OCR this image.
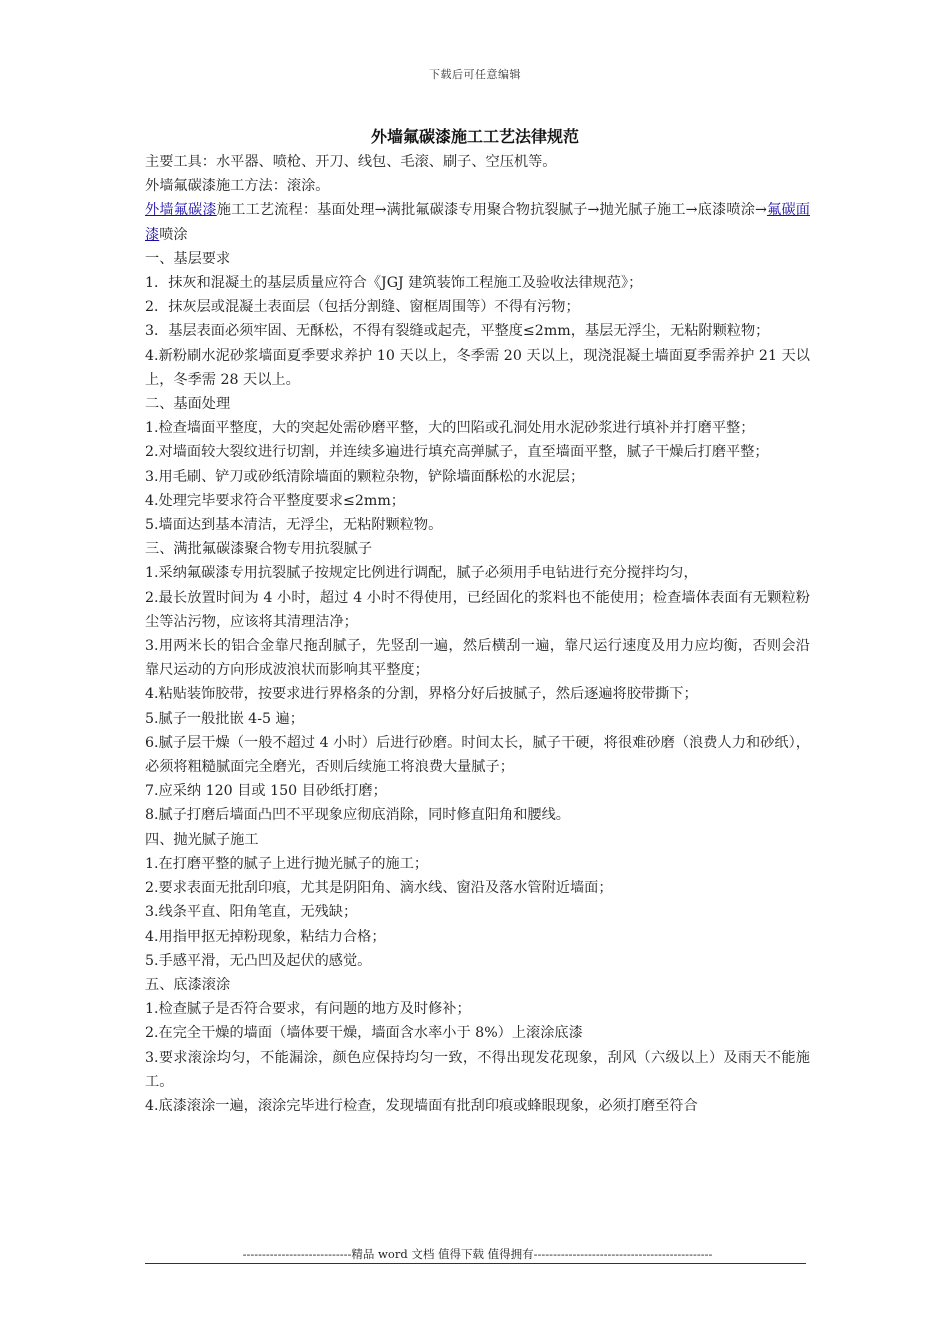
下载后可任意编辑
外墙氟碳漆施工工艺法律规范

主要工具：水平器、喷枪、开刀、线包、毛滚、刷子、空压机等。

外墙氟碳漆施工方法：滚涂。

外墙氟碳漆施工工艺流程：基面处理→满批氟碳漆专用聚合物抗裂腻子→抛光腻子施工→底漆喷涂→氟碳面漆喷涂

一、基层要求

1．抹灰和混凝土的基层质量应符合《JGJ 建筑装饰工程施工及验收法律规范》；

2．抹灰层或混凝土表面层（包括分割缝、窗框周围等）不得有污物；

3．基层表面必须牢固、无酥松，不得有裂缝或起壳，平整度≤2mm，基层无浮尘，无粘附颗粒物；

4.新粉刷水泥砂浆墙面夏季要求养护 10 天以上，冬季需 20 天以上，现浇混凝土墙面夏季需养护 21 天以上，冬季需 28 天以上。

二、基面处理

1.检查墙面平整度，大的突起处需砂磨平整，大的凹陷或孔洞处用水泥砂浆进行填补并打磨平整；

2.对墙面较大裂纹进行切割，并连续多遍进行填充高弹腻子，直至墙面平整，腻子干燥后打磨平整；

3.用毛刷、铲刀或砂纸清除墙面的颗粒杂物，铲除墙面酥松的水泥层；

4.处理完毕要求符合平整度要求≤2mm；

5.墙面达到基本清洁，无浮尘，无粘附颗粒物。

三、满批氟碳漆聚合物专用抗裂腻子

1.采纳氟碳漆专用抗裂腻子按规定比例进行调配，腻子必须用手电钻进行充分搅拌均匀，

2.最长放置时间为 4 小时，超过 4 小时不得使用，已经固化的浆料也不能使用；检查墙体表面有无颗粒粉尘等沾污物，应该将其清理洁净；

3.用两米长的铝合金靠尺拖刮腻子，先竖刮一遍，然后横刮一遍，靠尺运行速度及用力应均衡，否则会沿靠尺运动的方向形成波浪状而影响其平整度；

4.粘贴装饰胶带，按要求进行界格条的分割，界格分好后披腻子，然后逐遍将胶带撕下；

5.腻子一般批嵌 4-5 遍；

6.腻子层干燥（一般不超过 4 小时）后进行砂磨。时间太长，腻子干硬，将很难砂磨（浪费人力和砂纸），必须将粗糙腻面完全磨光，否则后续施工将浪费大量腻子；

7.应采纳 120 目或 150 目砂纸打磨；

8.腻子打磨后墙面凸凹不平现象应彻底消除，同时修直阳角和腰线。

四、抛光腻子施工

1.在打磨平整的腻子上进行抛光腻子的施工；

2.要求表面无批刮印痕，尤其是阴阳角、滴水线、窗沿及落水管附近墙面；

3.线条平直、阳角笔直，无残缺；

4.用指甲抠无掉粉现象，粘结力合格；

5.手感平滑，无凸凹及起伏的感觉。

五、底漆滚涂

1.检查腻子是否符合要求，有问题的地方及时修补；

2.在完全干燥的墙面（墙体要干燥，墙面含水率小于 8%）上滚涂底漆

3.要求滚涂均匀，不能漏涂，颜色应保持均匀一致，不得出现发花现象，刮风（六级以上）及雨天不能施工。

4.底漆滚涂一遍，滚涂完毕进行检查，发现墙面有批刮印痕或蜂眼现象，必须打磨至符合

----------------------------精品 word 文档 值得下载 值得拥有----------------------------------------------
